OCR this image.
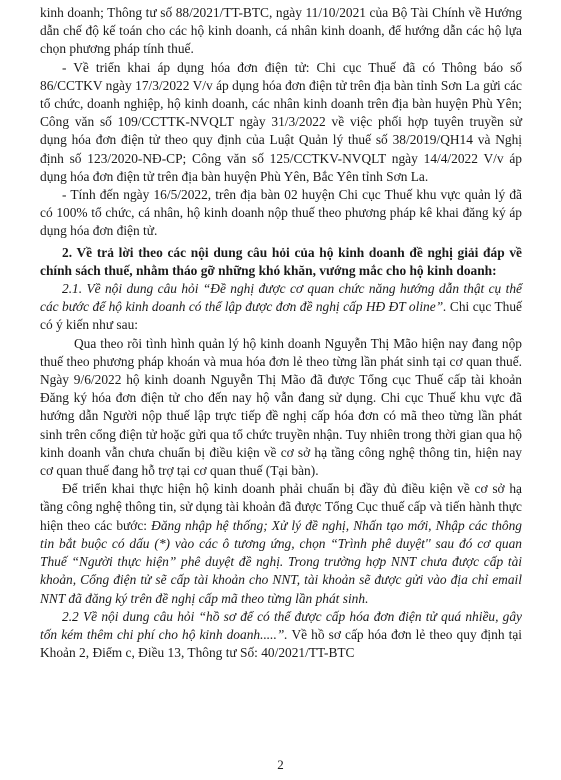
kinh doanh; Thông tư số 88/2021/TT-BTC, ngày 11/10/2021 của Bộ Tài Chính về Hướng dẫn chế độ kế toán cho các hộ kinh doanh, cá nhân kinh doanh, để hướng dẫn các hộ lựa chọn phương pháp tính thuế.

- Về triển khai áp dụng hóa đơn điện tử: Chi cục Thuế đã có Thông báo số 86/CCTKV ngày 17/3/2022 V/v áp dụng hóa đơn điện tử trên địa bàn tỉnh Sơn La gửi các tổ chức, doanh nghiệp, hộ kinh doanh, các nhân kinh doanh trên địa bàn huyện Phù Yên; Công văn số 109/CCTTK-NVQLT ngày 31/3/2022 về việc phối hợp tuyên truyền sử dụng hóa đơn điện tử theo quy định của Luật Quản lý thuế số 38/2019/QH14 và Nghị định số 123/2020-NĐ-CP; Công văn số 125/CCTKV-NVQLT ngày 14/4/2022 V/v áp dụng hóa đơn điện tử trên địa bàn huyện Phù Yên, Bắc Yên tỉnh Sơn La.

- Tính đến ngày 16/5/2022, trên địa bàn 02 huyện Chi cục Thuế khu vực quản lý đã có 100% tổ chức, cá nhân, hộ kinh doanh nộp thuế theo phương pháp kê khai đăng ký áp dụng hóa đơn điện tử.

2. Về trả lời theo các nội dung câu hỏi của hộ kinh doanh đề nghị giải đáp về chính sách thuế, nhằm tháo gỡ những khó khăn, vướng mắc cho hộ kinh doanh:

2.1. Về nội dung câu hỏi “Đề nghị được cơ quan chức năng hướng dẫn thật cụ thể các bước để hộ kinh doanh có thể lập được đơn đề nghị cấp HĐ ĐT oline”. Chi cục Thuế có ý kiến như sau:

Qua theo rõi tình hình quản lý hộ kinh doanh Nguyễn Thị Mão hiện nay đang nộp thuế theo phương pháp khoán và mua hóa đơn lẻ theo từng lần phát sinh tại cơ quan thuế. Ngày 9/6/2022 hộ kinh doanh Nguyễn Thị Mão đã được Tổng cục Thuế cấp tài khoản Đăng ký hóa đơn điện tử cho đến nay hộ vẫn đang sử dụng. Chi cục Thuế khu vực đã hướng dẫn Người nộp thuế lập trực tiếp đề nghị cấp hóa đơn có mã theo từng lần phát sinh trên cổng điện tử hoặc gửi qua tổ chức truyền nhận. Tuy nhiên trong thời gian qua hộ kinh doanh vẫn chưa chuẩn bị điều kiện về cơ sở hạ tầng công nghệ thông tin, hiện nay cơ quan thuế đang hỗ trợ tại cơ quan thuế (Tại bàn).

Để triển khai thực hiện hộ kinh doanh phải chuẩn bị đầy đủ điều kiện về cơ sở hạ tầng công nghệ thông tin, sử dụng tài khoản đã được Tổng Cục thuế cấp và tiến hành thực hiện theo các bước: Đăng nhập hệ thống; Xử lý đề nghị, Nhấn tạo mới, Nhập các thông tin bắt buộc có dấu (*) vào các ô tương ứng, chọn “Trình phê duyệt'' sau đó cơ quan Thuế “Người thực hiện” phê duyệt đề nghị. Trong trường hợp NNT chưa được cấp tài khoản, Cổng điện tử sẽ cấp tài khoản cho NNT, tài khoản sẽ được gửi vào địa chỉ email NNT đã đăng ký trên đề nghị cấp mã theo từng lần phát sinh.

2.2 Về nội dung câu hỏi “hồ sơ để có thể được cấp hóa đơn điện tử quá nhiều, gây tốn kém thêm chi phí cho hộ kinh doanh.....”. Về hồ sơ cấp hóa đơn lẻ theo quy định tại Khoản 2, Điểm c, Điều 13, Thông tư Số: 40/2021/TT-BTC

2
